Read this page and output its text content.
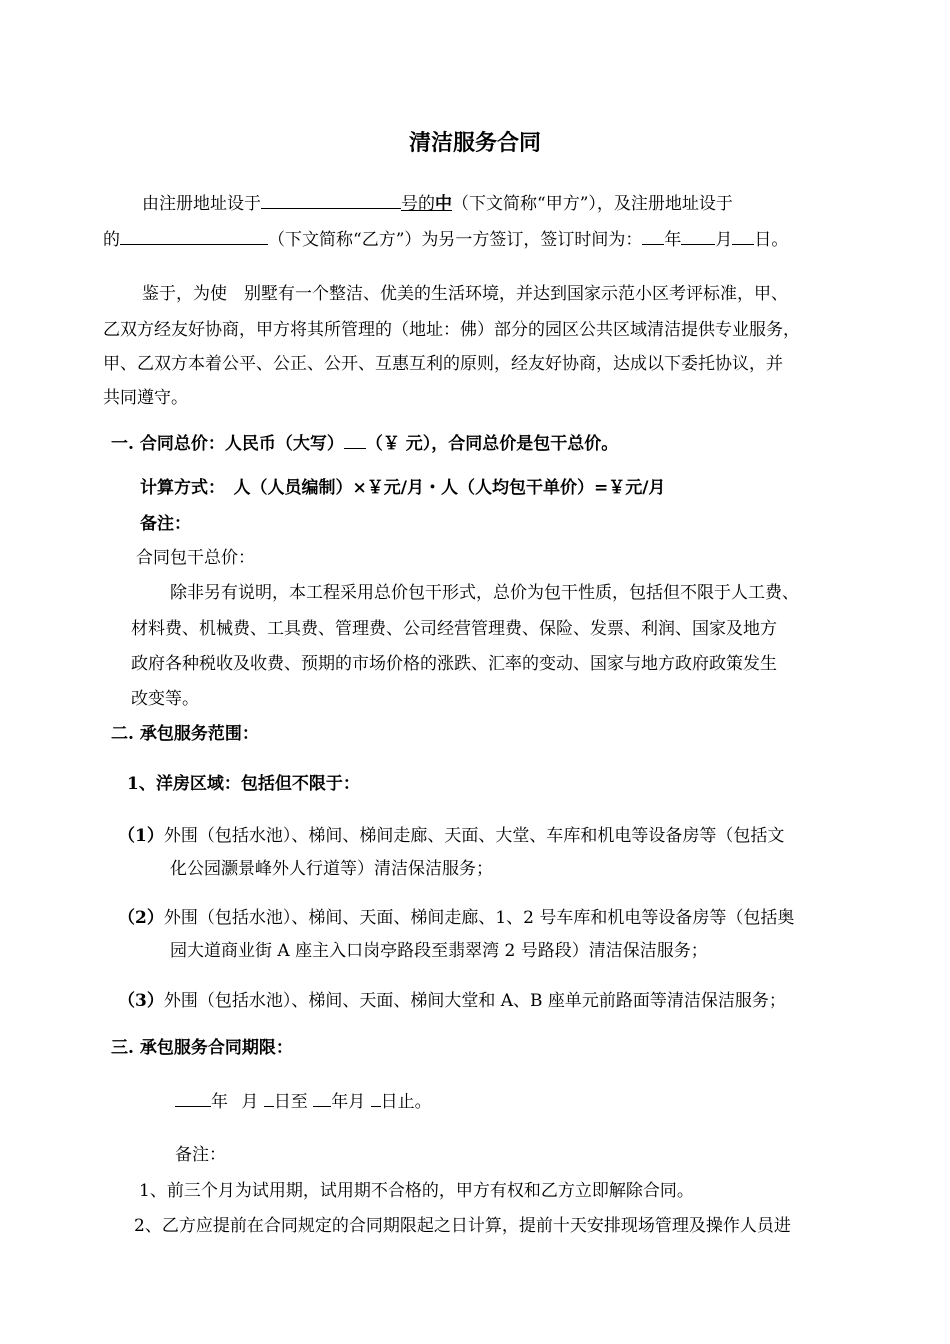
清洁服务合同
由注册地址设于	号的中（下文简称“甲方”），及注册地址设于
的	（下文简称“乙方”）为另一方签订，签订时间为： 年 月 日。
鉴于，为使　别墅有一个整洁、优美的生活环境，并达到国家示范小区考评标准，甲、
乙双方经友好协商，甲方将其所管理的（地址：佛）部分的园区公共区域清洁提供专业服务，
甲、乙双方本着公平、公正、公开、互惠互利的原则，经友好协商，达成以下委托协议，并
共同遵守。
一. 合同总价：人民币（大写） （￥ 元），合同总价是包干总价。
计算方式：　人（人员编制）×￥元/月・人（人均包干单价）=￥元/月
备注：
合同包干总价：
除非另有说明，本工程采用总价包干形式，总价为包干性质，包括但不限于人工费、
材料费、机械费、工具费、管理费、公司经营管理费、保险、发票、利润、国家及地方
政府各种税收及收费、预期的市场价格的涨跌、汇率的变动、国家与地方政府政策发生
改变等。
二. 承包服务范围：
1、洋房区域：包括但不限于：
（1）外围（包括水池）、梯间、梯间走廊、天面、大堂、车库和机电等设备房等（包括文
化公园灏景峰外人行道等）清洁保洁服务；
（2）外围（包括水池）、梯间、天面、梯间走廊、1、2 号车库和机电等设备房等（包括奥
园大道商业街 A 座主入口岗亭路段至翡翠湾 2 号路段）清洁保洁服务；
（3）外围（包括水池）、梯间、天面、梯间大堂和 A、B 座单元前路面等清洁保洁服务；
三. 承包服务合同期限：
年 月 日至 年月 日止。
备注：
1、前三个月为试用期，试用期不合格的，甲方有权和乙方立即解除合同。
2、乙方应提前在合同规定的合同期限起之日计算，提前十天安排现场管理及操作人员进
